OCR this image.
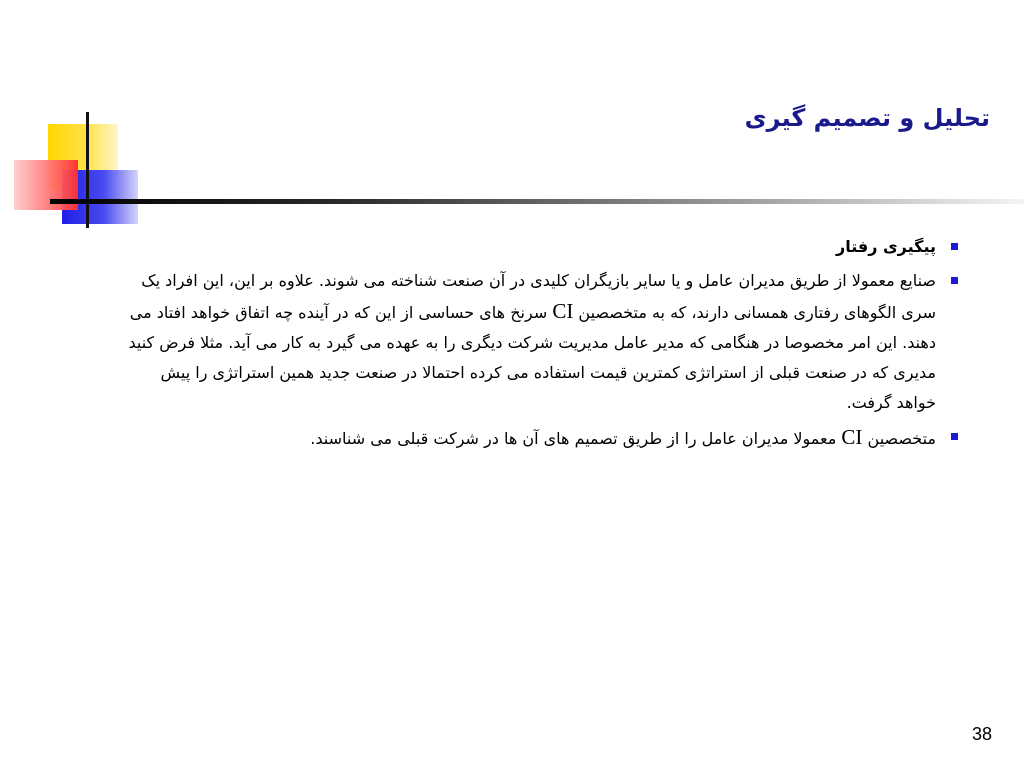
تحلیل و تصمیم گیری
پیگیری رفتار
صنایع معمولا از طریق مدیران عامل و یا سایر بازیگران کلیدی در آن صنعت شناخته می شوند. علاوه بر این، این افراد یک سری الگوهای رفتاری همسانی دارند، که به متخصصین CI سرنخ های حساسی از این که در آینده چه اتفاق خواهد افتاد می دهند. این امر مخصوصا در هنگامی که مدیر عامل مدیریت شرکت دیگری را به عهده می گیرد به کار می آید. مثلا فرض کنید مدیری که در صنعت قبلی از استراتژی کمترین قیمت استفاده می کرده احتمالا در صنعت جدید همین استراتژی را پیش خواهد گرفت.
متخصصین CI معمولا مدیران عامل را از طریق تصمیم های آن ها در شرکت قبلی می شناسند.
38
